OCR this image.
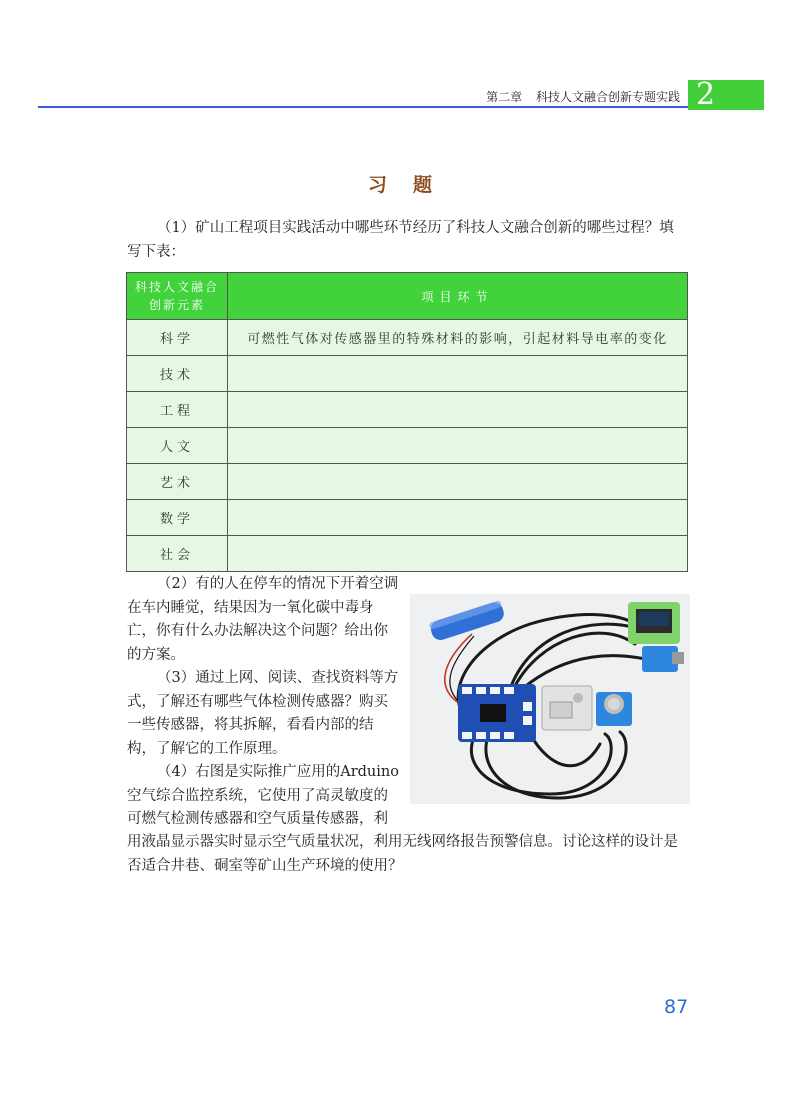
第二章 科技人文融合创新专题实践 2
习题
（1）矿山工程项目实践活动中哪些环节经历了科技人文融合创新的哪些过程？填写下表：
科技人文融合
创新元素	项目环节
科学	可燃性气体对传感器里的特殊材料的影响，引起材料导电率的变化
技术	
工程	
人文	
艺术	
数学	
社会	
（2）有的人在停车的情况下开着空调在车内睡觉，结果因为一氧化碳中毒身亡，你有什么办法解决这个问题？给出你的方案。
（3）通过上网、阅读、查找资料等方式，了解还有哪些气体检测传感器？购买一些传感器，将其拆解，看看内部的结构，了解它的工作原理。
（4）右图是实际推广应用的Arduino空气综合监控系统，它使用了高灵敏度的可燃气检测传感器和空气质量传感器，利
用液晶显示器实时显示空气质量状况，利用无线网络报告预警信息。讨论这样的设计是否适合井巷、硐室等矿山生产环境的使用？
87
